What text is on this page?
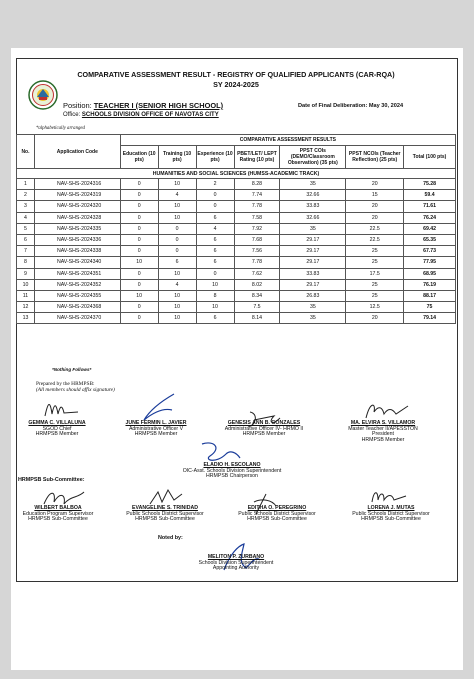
COMPARATIVE ASSESSMENT RESULT - REGISTRY OF QUALIFIED APPLICANTS (CAR-RQA)
SY 2024-2025
Position: TEACHER I (SENIOR HIGH SCHOOL)
Office: SCHOOLS DIVISION OFFICE OF NAVOTAS CITY
Date of Final Deliberation: May 30, 2024
*alphabetically arranged
No.	Application Code	COMPARATIVE ASSESSMENT RESULTS						
		Education (10 pts)	Training (10 pts)	Experience (10 pts)	PBET/LET/ LEPT Rating (10 pts)	PPST COIs (DEMO/Classroom Observation) (35 pts)	PPST NCOIs (Teacher Reflection) (25 pts)	Total (100 pts)
HUMANITIES AND SOCIAL SCIENCES (HUMSS-ACADEMIC TRACK)								
1	NAV-SHS-2024316	0	10	2	8.28	35	20	75.28
2	NAV-SHS-2024319	0	4	0	7.74	32.66	15	59.4
3	NAV-SHS-2024320	0	10	0	7.78	33.83	20	71.61
4	NAV-SHS-2024328	0	10	6	7.58	32.66	20	76.24
5	NAV-SHS-2024335	0	0	4	7.92	35	22.5	69.42
6	NAV-SHS-2024336	0	0	6	7.68	29.17	22.5	65.35
7	NAV-SHS-2024338	0	0	6	7.56	29.17	25	67.73
8	NAV-SHS-2024340	10	6	6	7.78	29.17	25	77.95
9	NAV-SHS-2024351	0	10	0	7.62	33.83	17.5	68.95
10	NAV-SHS-2024352	0	4	10	8.02	29.17	25	76.19
11	NAV-SHS-2024355	10	10	8	8.34	26.83	25	88.17
12	NAV-SHS-2024368	0	10	10	7.5	35	12.5	75
13	NAV-SHS-2024370	0	10	6	8.14	35	20	79.14
*Nothing Follows*
Prepared by the HRMPSB:
(All members should affix signature)
GEMMA C. VILLALUNA
SGOD Chief
HRMPSB Member
JUNE FERMIN L. JAVIER
Administrative Officer V
HRMPSB Member
GENESIS ANN B. GONZALES
Administrative Officer IV- HRMO II
HRMPSB Member
MA. ELVIRA S. VILLAMOR
Master Teacher II/APESSTON
President
HRMPSB Member
ELADIO H. ESCOLANO
OIC-Asst. Schools Division Superintendent
HRMPSB Chairperson
HRMPSB Sub-Committee:
WILBERT BALBOA
Education Program Supervisor
HRMPSB Sub-Committee
EVANGELINE S. TRINIDAD
Public Schools District Supervisor
HRMPSB Sub-Committee
EDITHA O. PEREGRINO
Public Schools District Supervisor
HRMPSB Sub-Committee
LORENA J. MUTAS
Public Schools District Supervisor
HRMPSB Sub-Committee
Noted by:
MELITON P. ZURBANO
Schools Division Superintendent
Appointing Authority
